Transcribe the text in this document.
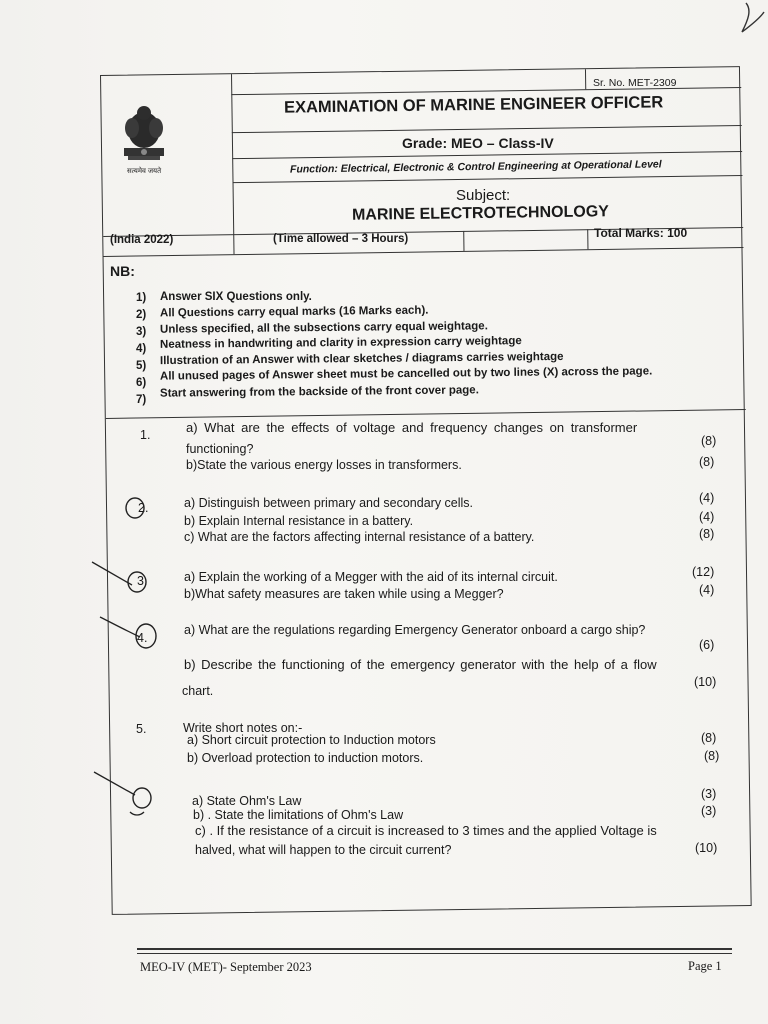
सत्यमेव जयते
Sr. No. MET-2309
EXAMINATION OF MARINE ENGINEER OFFICER
Grade: MEO – Class-IV
Function: Electrical, Electronic & Control Engineering at Operational Level
Subject:
MARINE ELECTROTECHNOLOGY
(India 2022)	(Time allowed – 3 Hours)	Total Marks: 100
NB:
1) Answer SIX Questions only.
2) All Questions carry equal marks (16 Marks each).
3) Unless specified, all the subsections carry equal weightage.
4) Neatness in handwriting and clarity in expression carry weightage
5) Illustration of an Answer with clear sketches / diagrams carries weightage
6)
All unused pages of Answer sheet must be cancelled out by two lines (X) across the page.
7)
Start answering from the backside of the front cover page.
1.	a) What are the effects of voltage and frequency changes on transformer
functioning?
(8)
b)State the various energy losses in transformers.	(8)
2.	a) Distinguish between primary and secondary cells.	(4)
b) Explain Internal resistance in a battery.	(4)
c) What are the factors affecting internal resistance of a battery.	(8)
3.	a) Explain the working of a Megger with the aid of its internal circuit.	(12)
b)What safety measures are taken while using a Megger?	(4)
4.
a) What are the regulations regarding Emergency Generator onboard a cargo ship?
(6)
b) Describe the functioning of the emergency generator with the help of a flow
chart.
(10)
5.	Write short notes on:-
a) Short circuit protection to Induction motors	(8)
b) Overload protection to induction motors.	(8)
a) State Ohm's Law	(3)
b) . State the limitations of Ohm's Law	(3)
c) . If the resistance of a circuit is increased to 3 times and the applied Voltage is
halved, what will happen to the circuit current?	(10)
MEO-IV (MET)- September 2023	Page 1
